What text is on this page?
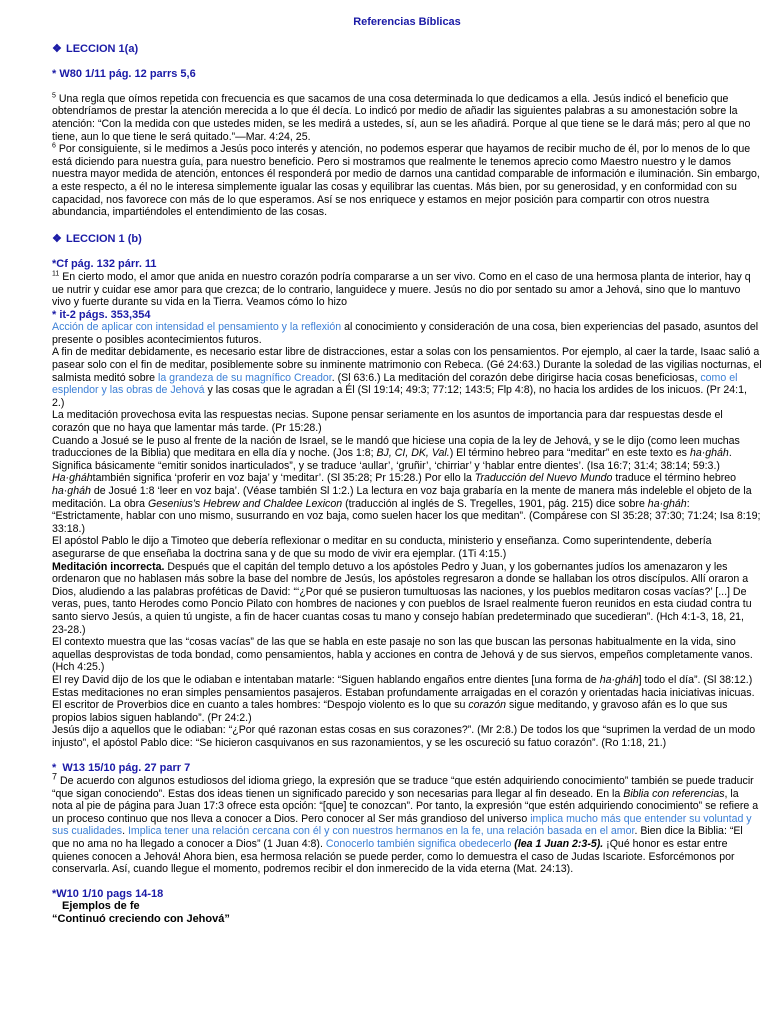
Referencias Bíblicas
❖ LECCION 1(a)
* W80 1/11 pág. 12 parrs 5,6

$^5$ Una regla que oímos repetida con frecuencia es que sacamos de una cosa determinada lo que dedicamos a ella. Jesús indicó el beneficio que obtendríamos de prestar la atención merecida a lo que él decía. Lo indicó por medio de añadir las siguientes palabras a su amonestación sobre la atención: “Con la medida con que ustedes miden, se les medirá a ustedes, sí, aun se les añadirá. Porque al que tiene se le dará más; pero al que no tiene, aun lo que tiene le será quitado.”—Mar. 4:24, 25.

$^6$ Por consiguiente, si le medimos a Jesús poco interés y atención, no podemos esperar que hayamos de recibir mucho de él, por lo menos de lo que está diciendo para nuestra guía, para nuestro beneficio. Pero si mostramos que realmente le tenemos aprecio como Maestro nuestro y le damos nuestra mayor medida de atención, entonces él responderá por medio de darnos una cantidad comparable de información e iluminación. Sin embargo, a este respecto, a él no le interesa simplemente igualar las cosas y equilibrar las cuentas. Más bien, por su generosidad, y en conformidad con su capacidad, nos favorece con más de lo que esperamos. Así se nos enriquece y estamos en mejor posición para compartir con otros nuestra abundancia, impartiéndoles el entendimiento de las cosas.

❖ LECCION 1 (b)
*Cf pág. 132 párr. 11

$^{11}$ En cierto modo, el amor que anida en nuestro corazón podría compararse a un ser vivo. Como en el caso de una hermosa planta de interior, hay q ue nutrir y cuidar ese amor para que crezca; de lo contrario, languidece y muere. Jesús no dio por sentado su amor a Jehová, sino que lo mantuvo vivo y fuerte durante su vida en la Tierra. Veamos cómo lo hizo

* it-2 págs. 353,354

Acción de aplicar con intensidad el pensamiento y la reflexión al conocimiento y consideración de una cosa, bien experiencias del pasado, asuntos del presente o posibles acontecimientos futuros.

A fin de meditar debidamente, es necesario estar libre de distracciones, estar a solas con los pensamientos. Por ejemplo, al caer la tarde, Isaac salió a pasear solo con el fin de meditar, posiblemente sobre su inminente matrimonio con Rebeca. (Gé 24:63.) Durante la soledad de las vigilias nocturnas, el salmista meditó sobre la grandeza de su magnífico Creador. (Sl 63:6.) La meditación del corazón debe dirigirse hacia cosas beneficiosas, como el esplendor y las obras de Jehová y las cosas que le agradan a Él (Sl 19:14; 49:3; 77:12; 143:5; Flp 4:8), no hacia los ardides de los inicuos. (Pr 24:1, 2.)

La meditación provechosa evita las respuestas necias. Supone pensar seriamente en los asuntos de importancia para dar respuestas desde el corazón que no haya que lamentar más tarde. (Pr 15:28.)

Cuando a Josué se le puso al frente de la nación de Israel, se le mandó que hiciese una copia de la ley de Jehová, y se le dijo (como leen muchas traducciones de la Biblia) que meditara en ella día y noche. (Jos 1:8; BJ, CI, DK, Val.) El término hebreo para “meditar” en este texto es ha·gháh. Significa básicamente “emitir sonidos inarticulados”, y se traduce ‘aullar’, ‘gruñir’, ‘chirriar’ y ‘hablar entre dientes’. (Isa 16:7; 31:4; 38:14; 59:3.) Ha·gháhtambién significa ‘proferir en voz baja’ y ‘meditar’. (Sl 35:28; Pr 15:28.) Por ello la Traducción del Nuevo Mundo traduce el término hebreo ha·gháh de Josué 1:8 ‘leer en voz baja’. (Véase también Sl 1:2.) La lectura en voz baja grabaría en la mente de manera más indeleble el objeto de la meditación. La obra Gesenius’s Hebrew and Chaldee Lexicon (traducción al inglés de S. Tregelles, 1901, pág. 215) dice sobre ha·gháh: “Estrictamente, hablar con uno mismo, susurrando en voz baja, como suelen hacer los que meditan”. (Compárese con Sl 35:28; 37:30; 71:24; Isa 8:19; 33:18.)

El apóstol Pablo le dijo a Timoteo que debería reflexionar o meditar en su conducta, ministerio y enseñanza. Como superintendente, debería asegurarse de que enseñaba la doctrina sana y de que su modo de vivir era ejemplar. (1Ti 4:15.)

Meditación incorrecta. Después que el capitán del templo detuvo a los apóstoles Pedro y Juan, y los gobernantes judíos los amenazaron y les ordenaron que no hablasen más sobre la base del nombre de Jesús, los apóstoles regresaron a donde se hallaban los otros discípulos. Allí oraron a Dios, aludiendo a las palabras proféticas de David: “‘¿Por qué se pusieron tumultuosas las naciones, y los pueblos meditaron cosas vacías?’ [...] De veras, pues, tanto Herodes como Poncio Pilato con hombres de naciones y con pueblos de Israel realmente fueron reunidos en esta ciudad contra tu santo siervo Jesús, a quien tú ungiste, a fin de hacer cuantas cosas tu mano y consejo habían predeterminado que sucedieran”. (Hch 4:1-3, 18, 21, 23-28.)

El contexto muestra que las “cosas vacías” de las que se habla en este pasaje no son las que buscan las personas habitualmente en la vida, sino aquellas desprovistas de toda bondad, como pensamientos, habla y acciones en contra de Jehová y de sus siervos, empeños completamente vanos. (Hch 4:25.)

El rey David dijo de los que le odiaban e intentaban matarle: “Siguen hablando engaños entre dientes [una forma de ha·gháh] todo el día”. (Sl 38:12.) Estas meditaciones no eran simples pensamientos pasajeros. Estaban profundamente arraigadas en el corazón y orientadas hacia iniciativas inicuas. El escritor de Proverbios dice en cuanto a tales hombres: “Despojo violento es lo que su corazón sigue meditando, y gravoso afán es lo que sus propios labios siguen hablando”. (Pr 24:2.)

Jesús dijo a aquellos que le odiaban: “¿Por qué razonan estas cosas en sus corazones?”. (Mr 2:8.) De todos los que “suprimen la verdad de un modo injusto”, el apóstol Pablo dice: “Se hicieron casquivanos en sus razonamientos, y se les oscureció su fatuo corazón”. (Ro 1:18, 21.)

*  W13 15/10 pág. 27 parr 7

$^7$ De acuerdo con algunos estudiosos del idioma griego, la expresión que se traduce “que estén adquiriendo conocimiento” también se puede traducir “que sigan conociendo”. Estas dos ideas tienen un significado parecido y son necesarias para llegar al fin deseado. En la Biblia con referencias, la nota al pie de página para Juan 17:3 ofrece esta opción: “[que] te conozcan”. Por tanto, la expresión “que estén adquiriendo conocimiento” se refiere a un proceso continuo que nos lleva a conocer a Dios. Pero conocer al Ser más grandioso del universo implica mucho más que entender su voluntad y sus cualidades. Implica tener una relación cercana con él y con nuestros hermanos en la fe, una relación basada en el amor. Bien dice la Biblia: “El que no ama no ha llegado a conocer a Dios” (1 Juan 4:8). Conocerlo también significa obedecerlo (lea 1 Juan 2:3-5). ¡Qué honor es estar entre quienes conocen a Jehová! Ahora bien, esa hermosa relación se puede perder, como lo demuestra el caso de Judas Iscariote. Esforcémonos por conservarla. Así, cuando llegue el momento, podremos recibir el don inmerecido de la vida eterna (Mat. 24:13).

*W10 1/10 pags 14-18
Ejemplos de fe
“Continuó creciendo con Jehová”
